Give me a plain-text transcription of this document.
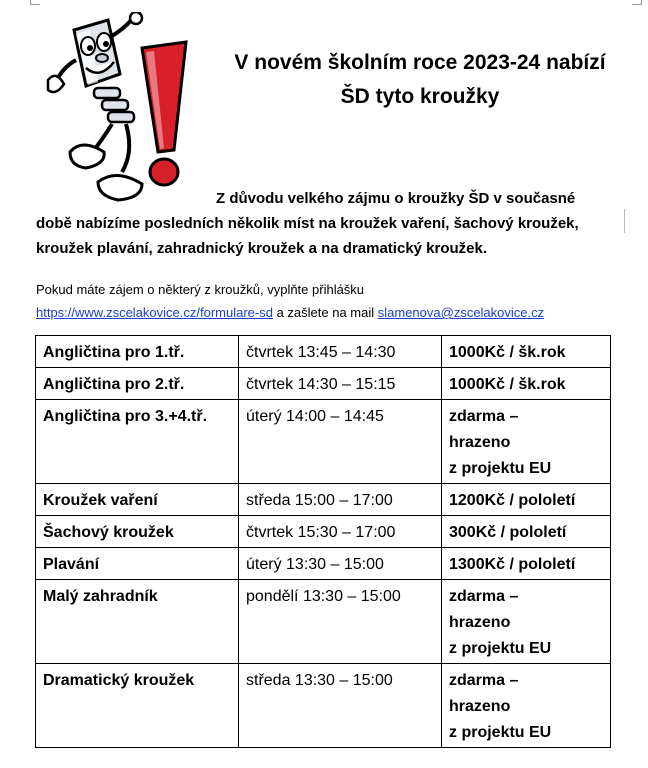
V novém školním roce 2023-24 nabízí
ŠD tyto kroužky
Z důvodu velkého zájmu o kroužky ŠD v současné
době nabízíme posledních několik míst na kroužek vaření, šachový kroužek,
kroužek plavání, zahradnický kroužek a na dramatický kroužek.
Pokud máte zájem o některý z kroužků, vyplňte přihlášku
https://www.zscelakovice.cz/formulare-sd a zašlete na mail slamenova@zscelakovice.cz
Angličtina pro 1.tř.	čtvrtek 13:45 – 14:30	1000Kč / šk.rok

Angličtina pro 2.tř.	čtvrtek 14:30 – 15:15	1000Kč / šk.rok

Angličtina pro 3.+4.tř.	úterý 14:00 – 14:45	zdarma –
hrazeno
z projektu EU

Kroužek vaření	středa 15:00 – 17:00	1200Kč / pololetí

Šachový kroužek	čtvrtek 15:30 – 17:00	300Kč / pololetí

Plavání	úterý 13:30 – 15:00	1300Kč / pololetí

Malý zahradník	pondělí 13:30 – 15:00	zdarma –
hrazeno
z projektu EU

Dramatický kroužek	středa 13:30 – 15:00	zdarma –
hrazeno
z projektu EU
